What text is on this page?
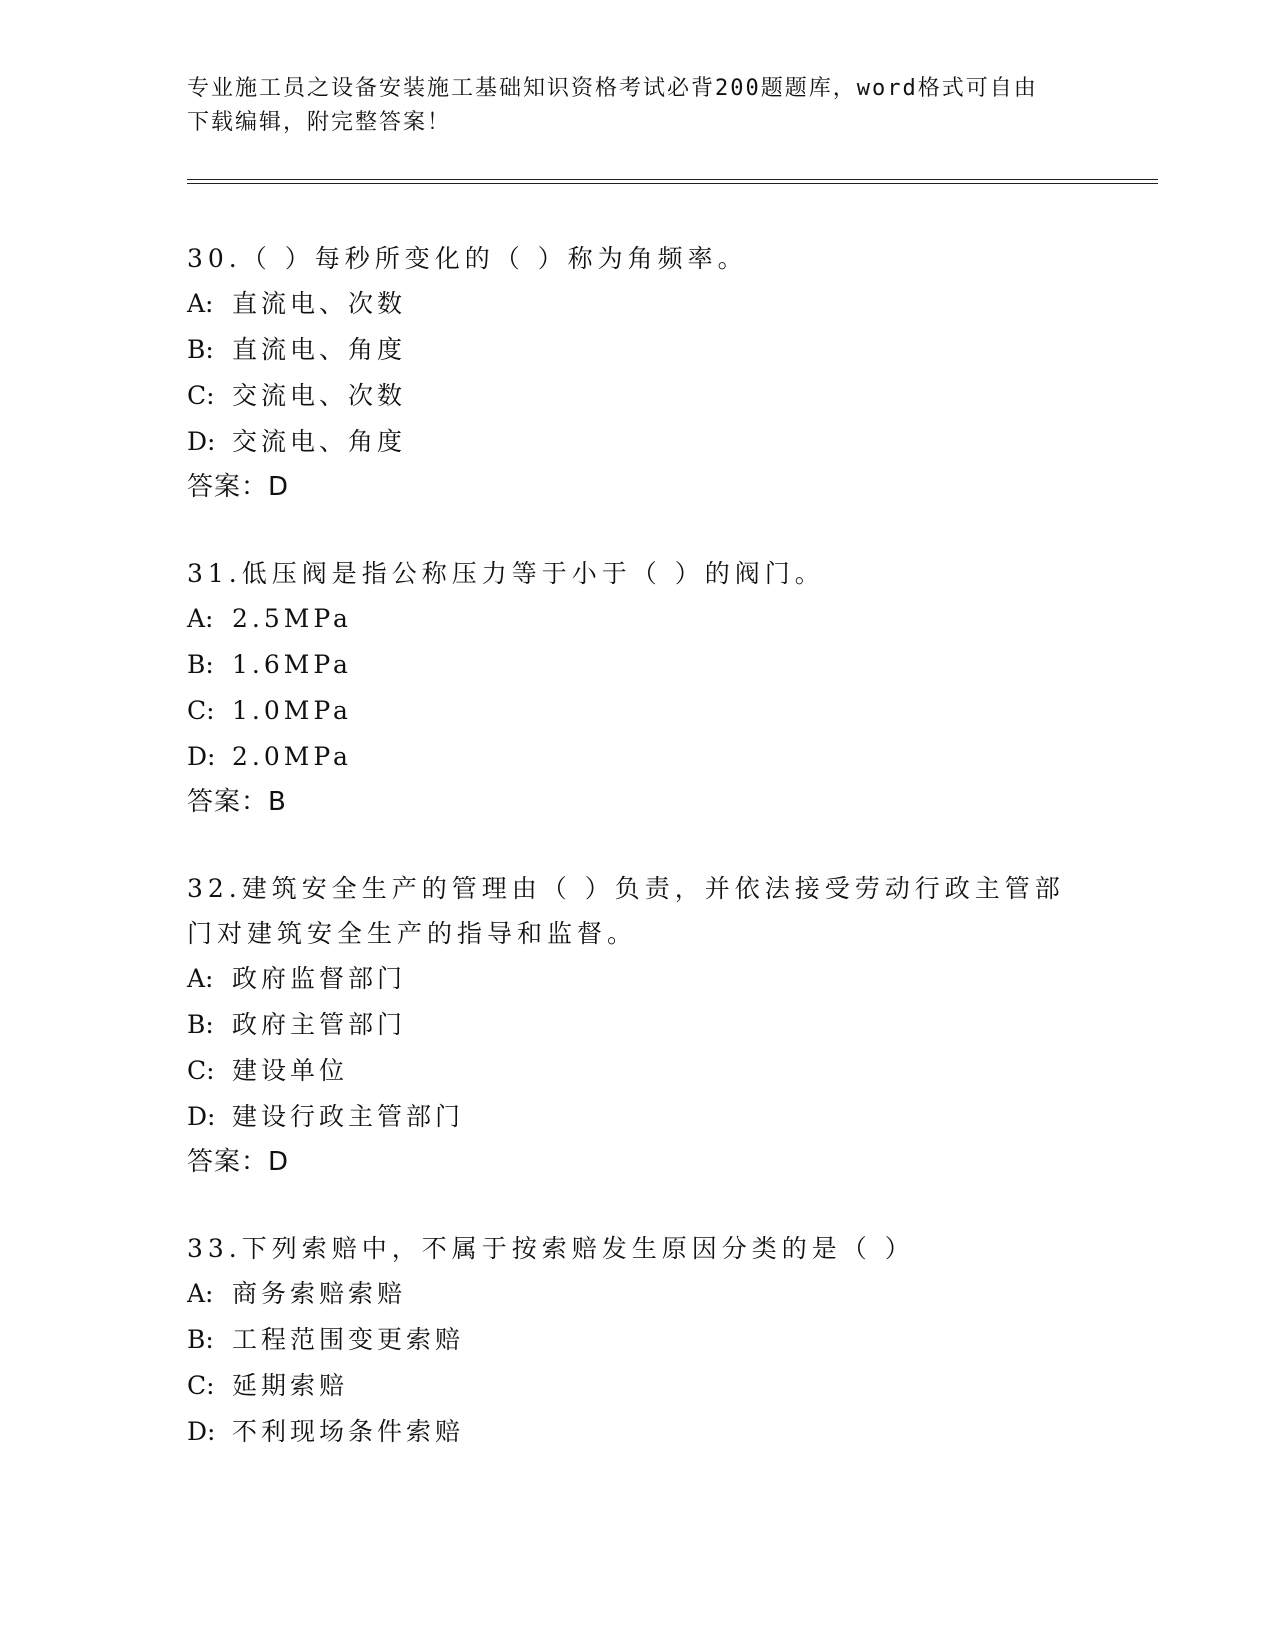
专业施工员之设备安装施工基础知识资格考试必背200题题库，word格式可自由
下载编辑，附完整答案！

30.（ ）每秒所变化的（ ）称为角频率。

A: 直流电、次数
B: 直流电、角度
C: 交流电、次数
D: 交流电、角度

答案：D

31.低压阀是指公称压力等于小于（ ）的阀门。

A: 2.5MPa
B: 1.6MPa
C: 1.0MPa
D: 2.0MPa

答案：B

32.建筑安全生产的管理由（ ）负责，并依法接受劳动行政主管部门对建筑安全生产的指导和监督。

A: 政府监督部门
B: 政府主管部门
C: 建设单位
D: 建设行政主管部门

答案：D

33.下列索赔中，不属于按索赔发生原因分类的是（ ）

A: 商务索赔索赔
B: 工程范围变更索赔
C: 延期索赔
D: 不利现场条件索赔
